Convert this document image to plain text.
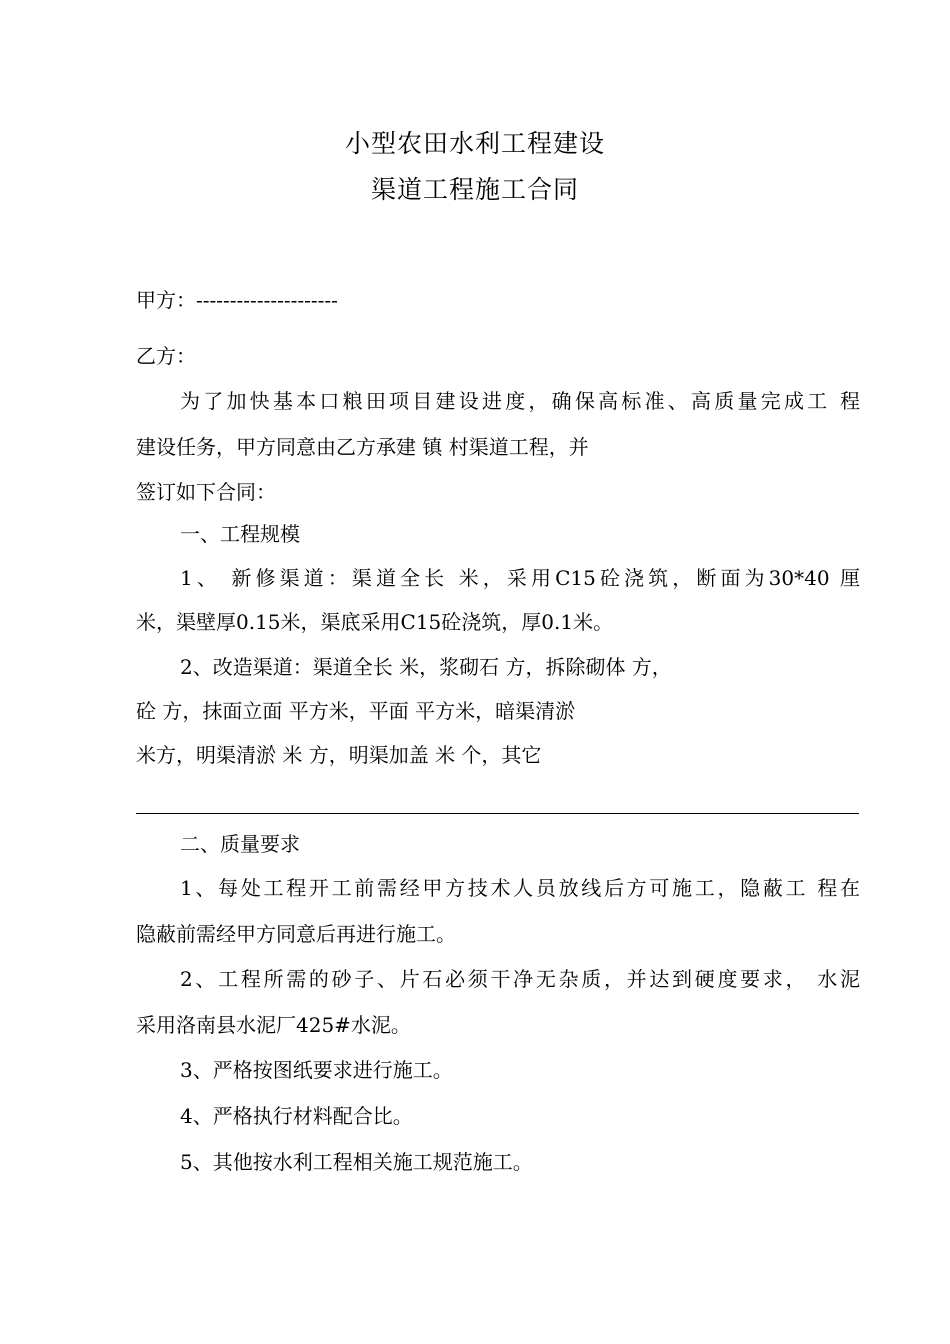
小型农田水利工程建设
渠道工程施工合同
甲方：---------------------
乙方：
为了加快基本口粮田项目建设进度，确保高标准、高质量完成工 程
建设任务，甲方同意由乙方承建 镇 村渠道工程，并
签订如下合同：
一、工程规模
1、 新修渠道：渠道全长 米，采用C15砼浇筑，断面为30*40 厘
米，渠壁厚0.15米，渠底采用C15砼浇筑，厚0.1米。
2、改造渠道：渠道全长 米，浆砌石 方，拆除砌体 方，
砼 方，抹面立面 平方米，平面 平方米，暗渠清淤
米方，明渠清淤 米 方，明渠加盖 米 个，其它
二、质量要求
1、每处工程开工前需经甲方技术人员放线后方可施工，隐蔽工 程在
隐蔽前需经甲方同意后再进行施工。
2、工程所需的砂子、片石必须干净无杂质，并达到硬度要求， 水泥
采用洛南县水泥厂425#水泥。
3、严格按图纸要求进行施工。
4、严格执行材料配合比。
5、其他按水利工程相关施工规范施工。
